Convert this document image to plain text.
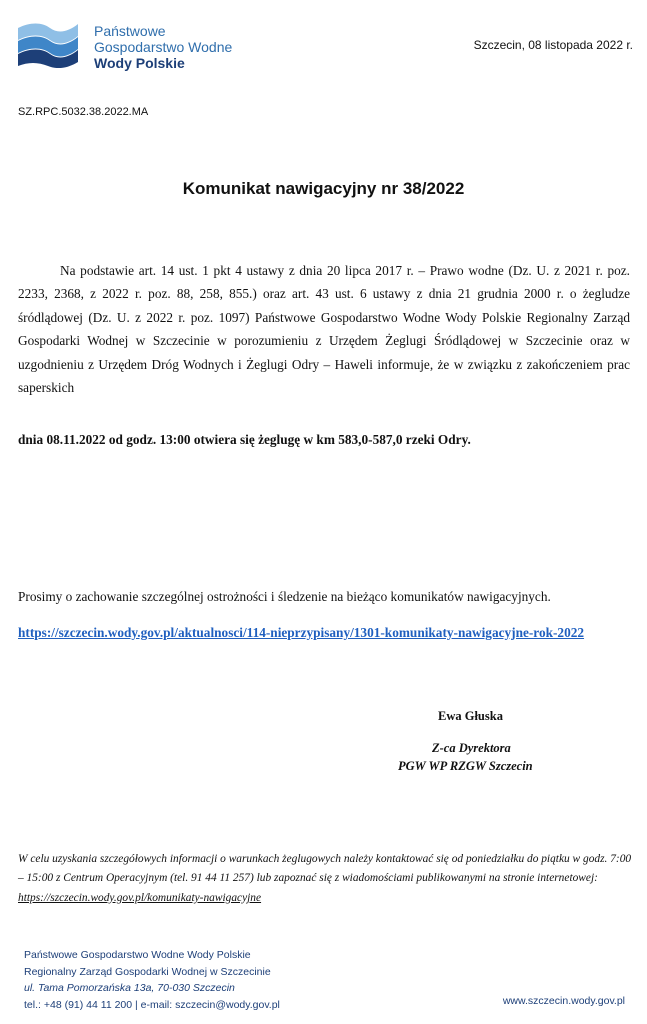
Państwowe
Gospodarstwo Wodne
Wody Polskie
Szczecin, 08 listopada 2022 r.
SZ.RPC.5032.38.2022.MA
Komunikat nawigacyjny nr 38/2022

Na podstawie art. 14 ust. 1 pkt 4 ustawy z dnia 20 lipca 2017 r. – Prawo wodne (Dz. U. z 2021 r. poz. 2233, 2368, z 2022 r. poz. 88, 258, 855.) oraz art. 43 ust. 6 ustawy z dnia 21 grudnia 2000 r. o żegludze śródlądowej (Dz. U. z 2022 r. poz. 1097) Państwowe Gospodarstwo Wodne Wody Polskie Regionalny Zarząd Gospodarki Wodnej w Szczecinie w porozumieniu z Urzędem Żeglugi Śródlądowej w Szczecinie oraz w uzgodnieniu z Urzędem Dróg Wodnych i Żeglugi Odry – Haweli informuje, że w związku z zakończeniem prac saperskich

dnia 08.11.2022 od godz. 13:00 otwiera się żeglugę w km 583,0-587,0 rzeki Odry.
Prosimy o zachowanie szczególnej ostrożności i śledzenie na bieżąco komunikatów nawigacyjnych.
https://szczecin.wody.gov.pl/aktualnosci/114-nieprzypisany/1301-komunikaty-nawigacyjne-rok-2022
Ewa Głuska
Z-ca Dyrektora
PGW WP RZGW Szczecin

W celu uzyskania szczegółowych informacji o warunkach żeglugowych należy kontaktować się od poniedziałku do piątku w godz. 7:00 – 15:00 z Centrum Operacyjnym (tel. 91 44 11 257) lub zapoznać się z wiadomościami publikowanymi na stronie internetowej: https://szczecin.wody.gov.pl/komunikaty-nawigacyjne

Państwowe Gospodarstwo Wodne Wody Polskie
Regionalny Zarząd Gospodarki Wodnej w Szczecinie
ul. Tama Pomorzańska 13a, 70-030 Szczecin
tel.: +48 (91) 44 11 200 | e-mail: szczecin@wody.gov.pl	www.szczecin.wody.gov.pl
